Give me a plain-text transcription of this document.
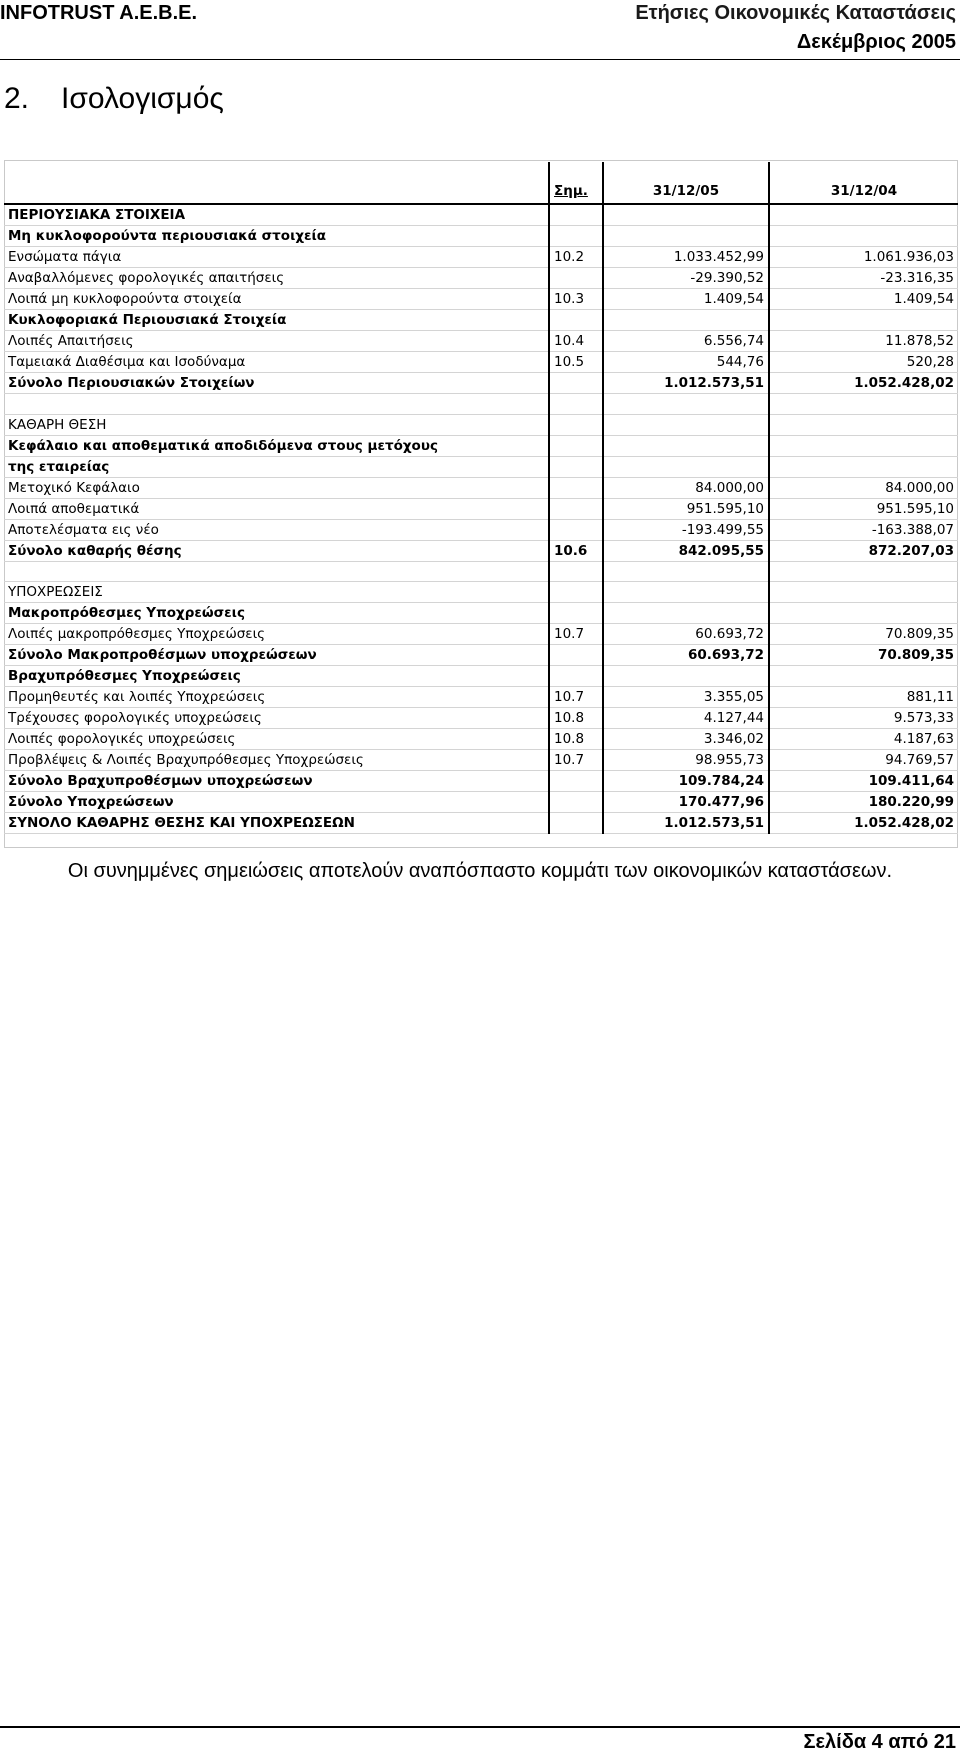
INFOTRUST A.E.B.E.	Ετήσιες Οικονομικές Καταστάσεις
Δεκέμβριος 2005
2. Ισολογισμός
	Σημ.	31/12/05	31/12/04
ΠΕΡΙΟΥΣΙΑΚΑ ΣΤΟΙΧΕΙΑ			
Μη κυκλοφορούντα περιουσιακά στοιχεία			
Ενσώματα πάγια	10.2	1.033.452,99	1.061.936,03
Αναβαλλόμενες φορολογικές απαιτήσεις		-29.390,52	-23.316,35
Λοιπά μη κυκλοφορούντα στοιχεία	10.3	1.409,54	1.409,54
Κυκλοφοριακά Περιουσιακά Στοιχεία			
Λοιπές Απαιτήσεις	10.4	6.556,74	11.878,52
Ταμειακά Διαθέσιμα και Ισοδύναμα	10.5	544,76	520,28
Σύνολο Περιουσιακών Στοιχείων		1.012.573,51	1.052.428,02

ΚΑΘΑΡΗ ΘΕΣΗ			
Κεφάλαιο και αποθεματικά αποδιδόμενα στους μετόχους			
της εταιρείας			
Μετοχικό Κεφάλαιο		84.000,00	84.000,00
Λοιπά αποθεματικά		951.595,10	951.595,10
Αποτελέσματα εις νέο		-193.499,55	-163.388,07
Σύνολο καθαρής θέσης	10.6	842.095,55	872.207,03

ΥΠΟΧΡΕΩΣΕΙΣ			
Μακροπρόθεσμες Υποχρεώσεις			
Λοιπές μακροπρόθεσμες Υποχρεώσεις	10.7	60.693,72	70.809,35
Σύνολο Μακροπροθέσμων υποχρεώσεων		60.693,72	70.809,35
Βραχυπρόθεσμες Υποχρεώσεις			
Προμηθευτές και λοιπές Υποχρεώσεις	10.7	3.355,05	881,11
Τρέχουσες φορολογικές υποχρεώσεις	10.8	4.127,44	9.573,33
Λοιπές φορολογικές υποχρεώσεις	10.8	3.346,02	4.187,63
Προβλέψεις & Λοιπές Βραχυπρόθεσμες Υποχρεώσεις	10.7	98.955,73	94.769,57
Σύνολο Βραχυπροθέσμων υποχρεώσεων		109.784,24	109.411,64
Σύνολο Υποχρεώσεων		170.477,96	180.220,99
ΣΥΝΟΛΟ ΚΑΘΑΡΗΣ ΘΕΣΗΣ ΚΑΙ ΥΠΟΧΡΕΩΣΕΩΝ		1.012.573,51	1.052.428,02
Οι συνημμένες σημειώσεις αποτελούν αναπόσπαστο κομμάτι των οικονομικών καταστάσεων.
Σελίδα 4 από 21
